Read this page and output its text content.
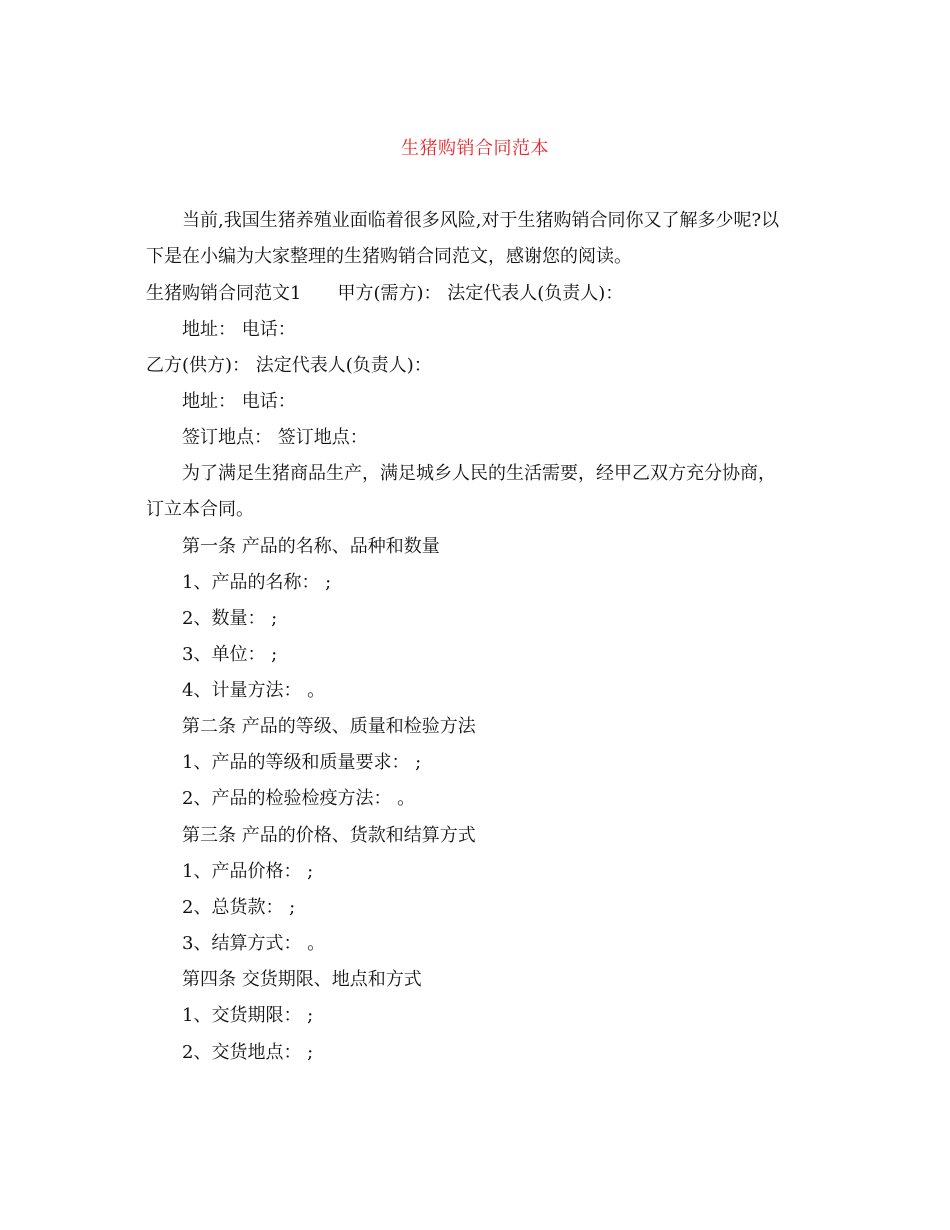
生猪购销合同范本
当前,我国生猪养殖业面临着很多风险,对于生猪购销合同你又了解多少呢?以
下是在小编为大家整理的生猪购销合同范文，感谢您的阅读。
生猪购销合同范文1 甲方(需方)： 法定代表人(负责人)：
地址： 电话：
乙方(供方)： 法定代表人(负责人)：
地址： 电话：
签订地点： 签订地点：
为了满足生猪商品生产，满足城乡人民的生活需要，经甲乙双方充分协商，
订立本合同。
第一条 产品的名称、品种和数量
1、产品的名称： ;
2、数量： ;
3、单位： ;
4、计量方法： 。
第二条 产品的等级、质量和检验方法
1、产品的等级和质量要求： ;
2、产品的检验检疫方法： 。
第三条 产品的价格、货款和结算方式
1、产品价格： ;
2、总货款： ;
3、结算方式： 。
第四条 交货期限、地点和方式
1、交货期限： ;
2、交货地点： ;
